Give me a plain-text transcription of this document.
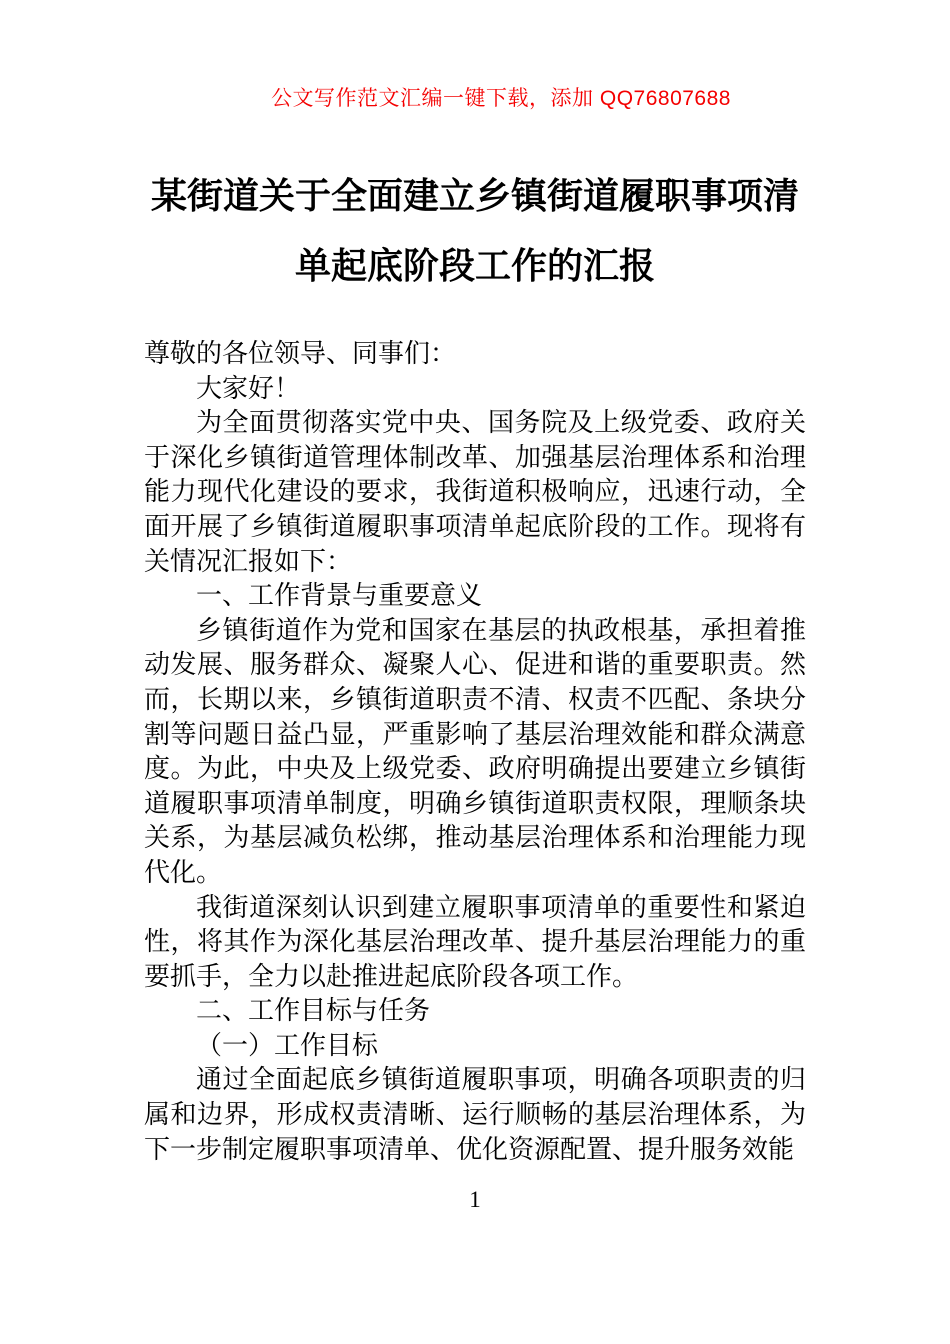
公文写作范文汇编一键下载，添加 QQ76807688
某街道关于全面建立乡镇街道履职事项清
单起底阶段工作的汇报

尊敬的各位领导、同事们：

大家好！

为全面贯彻落实党中央、国务院及上级党委、政府关于深化乡镇街道管理体制改革、加强基层治理体系和治理能力现代化建设的要求，我街道积极响应，迅速行动，全面开展了乡镇街道履职事项清单起底阶段的工作。现将有关情况汇报如下：

一、工作背景与重要意义

乡镇街道作为党和国家在基层的执政根基，承担着推动发展、服务群众、凝聚人心、促进和谐的重要职责。然而，长期以来，乡镇街道职责不清、权责不匹配、条块分割等问题日益凸显，严重影响了基层治理效能和群众满意度。为此，中央及上级党委、政府明确提出要建立乡镇街道履职事项清单制度，明确乡镇街道职责权限，理顺条块关系，为基层减负松绑，推动基层治理体系和治理能力现代化。

我街道深刻认识到建立履职事项清单的重要性和紧迫性，将其作为深化基层治理改革、提升基层治理能力的重要抓手，全力以赴推进起底阶段各项工作。

二、工作目标与任务

（一）工作目标

通过全面起底乡镇街道履职事项，明确各项职责的归属和边界，形成权责清晰、运行顺畅的基层治理体系，为下一步制定履职事项清单、优化资源配置、提升服务效能

1
